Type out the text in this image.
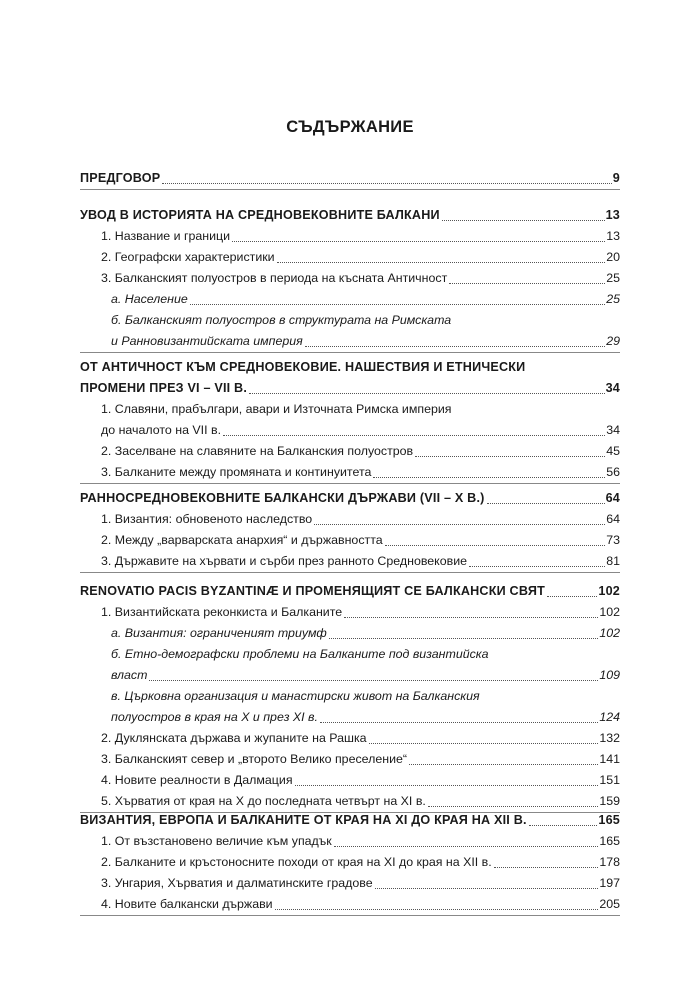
СЪДЪРЖАНИЕ
ПРЕДГОВОР	9
УВОД В ИСТОРИЯТА НА СРЕДНОВЕКОВНИТЕ БАЛКАНИ	13
1. Название и граници	13
2. Географски характеристики	20
3. Балканският полуостров в периода на късната Античност	25
а. Население	25
б. Балканският полуостров в структурата на Римската
и Ранновизантийската империя	29
ОТ АНТИЧНОСТ КЪМ СРЕДНОВЕКОВИЕ. НАШЕСТВИЯ И ЕТНИЧЕСКИ
ПРОМЕНИ ПРЕЗ VI – VII В.	34
1. Славяни, прабългари, авари и Източната Римска империя
до началото на VII в.	34
2. Заселване на славяните на Балканския полуостров	45
3. Балканите между промяната и континуитета	56
РАННОСРЕДНОВЕКОВНИТЕ БАЛКАНСКИ ДЪРЖАВИ (VII – X В.)	64
1. Византия: обновеното наследство	64
2. Между „варварската анархия“ и държавността	73
3. Държавите на хървати и сърби през ранното Средновековие	81
RENOVATIO PACIS BYZANTINÆ И ПРОМЕНЯЩИЯТ СЕ БАЛКАНСКИ СВЯТ	102
1. Византийската реконкиста и Балканите	102
а. Византия: ограниченият триумф	102
б. Етно-демографски проблеми на Балканите под византийска
власт	109
в. Църковна организация и манастирски живот на Балканския
полуостров в края на X и през XI в.	124
2. Дуклянската държава и жупаните на Рашка	132
3. Балканският север и „второто Велико преселение“	141
4. Новите реалности в Далмация	151
5. Хърватия от края на X до последната четвърт на XI в.	159
ВИЗАНТИЯ, ЕВРОПА И БАЛКАНИТЕ ОТ КРАЯ НА XI ДО КРАЯ НА XII В.	165
1. От възстановено величие към упадък	165
2. Балканите и кръстоносните походи от края на XI до края на XII в.	178
3. Унгария, Хърватия и далматинските градове	197
4. Новите балкански държави	205
